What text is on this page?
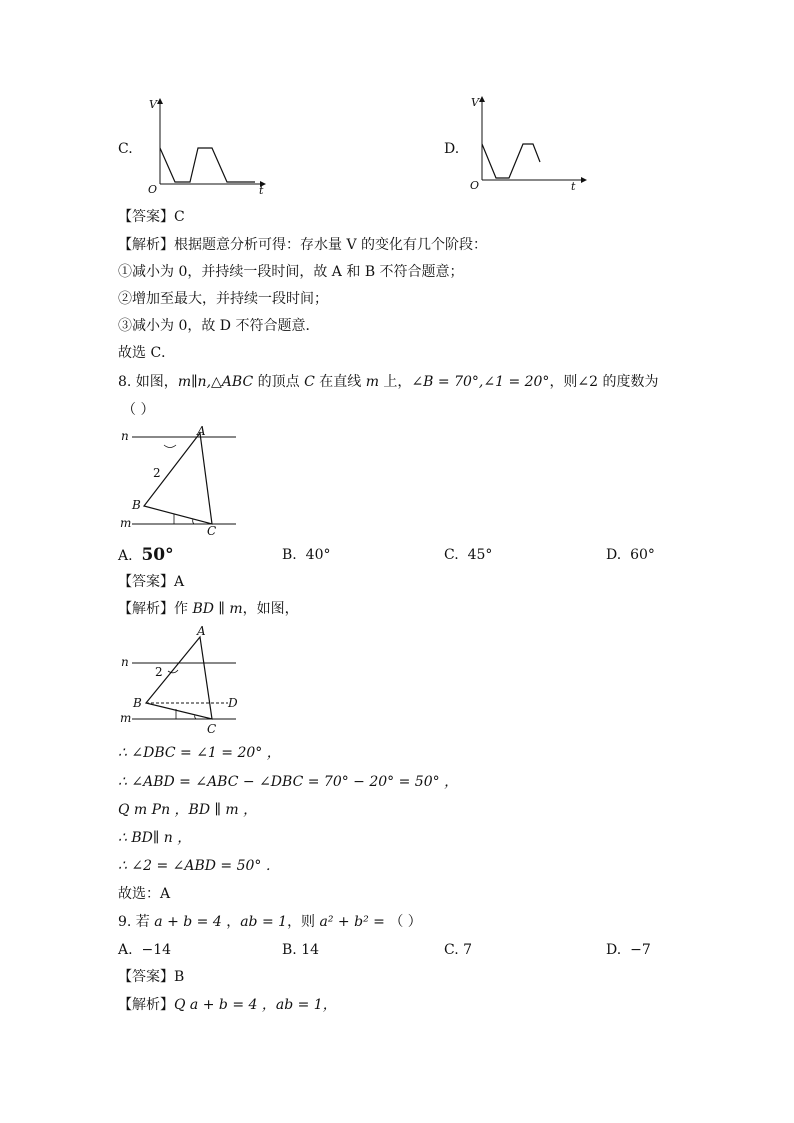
C.
V
O	t
D.
V
O	t
【答案】C
【解析】根据题意分析可得：存水量 V 的变化有几个阶段：
①减小为 0，并持续一段时间，故 A 和 B 不符合题意；
②增加至最大，并持续一段时间；
③减小为 0，故 D 不符合题意．
故选 C．
8. 如图，m∥n,△ABC 的顶点 C 在直线 m 上，∠B = 70°,∠1 = 20°，则∠2 的度数为
（ ）
A
B
C
n
m
2
A. 50°	B. 40°	C. 45°	D. 60°
【答案】A
【解析】作 BD ∥ m，如图，
A
B
C
D
n
m
2
∴ ∠DBC = ∠1 = 20° ，
∴ ∠ABD = ∠ABC − ∠DBC = 70° − 20° = 50° ，
Q m Pn ，BD ∥ m ，
∴ BD∥ n ，
∴ ∠2 = ∠ABD = 50° ．
故选：A
9. 若 a + b = 4 ，ab = 1，则 a² + b² = （ ）
A. −14	B. 14	C. 7	D. −7
【答案】B
【解析】Q a + b = 4 ，ab = 1，
